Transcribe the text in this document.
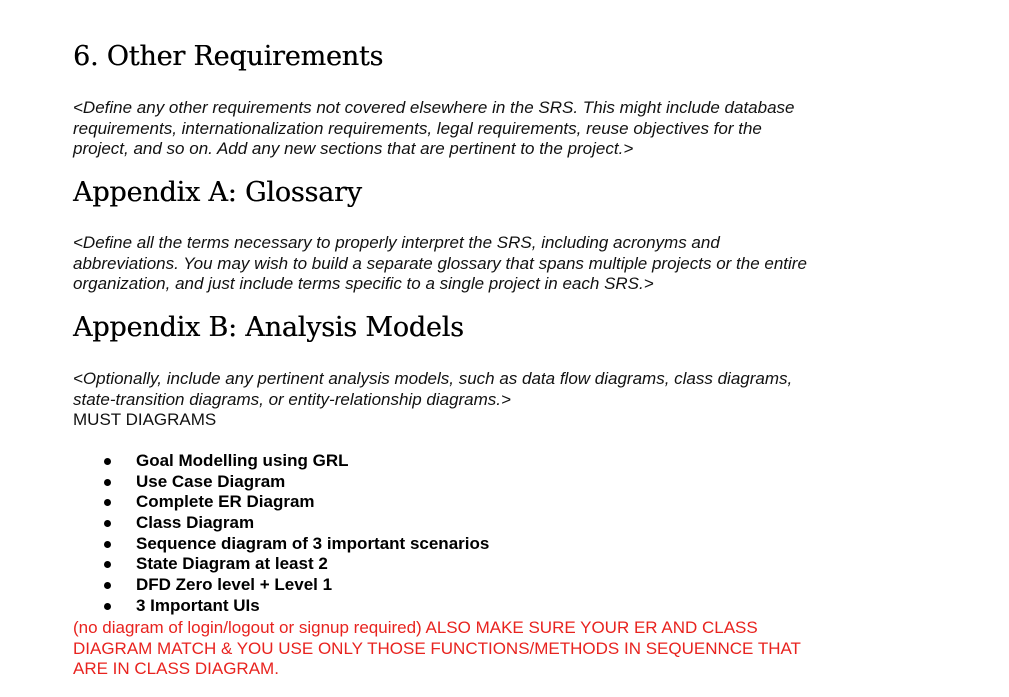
6. Other Requirements

<Define any other requirements not covered elsewhere in the SRS. This might include database
requirements, internationalization requirements, legal requirements, reuse objectives for the
project, and so on. Add any new sections that are pertinent to the project.>

Appendix A: Glossary

<Define all the terms necessary to properly interpret the SRS, including acronyms and
abbreviations. You may wish to build a separate glossary that spans multiple projects or the entire
organization, and just include terms specific to a single project in each SRS.>

Appendix B: Analysis Models

<Optionally, include any pertinent analysis models, such as data flow diagrams, class diagrams,
state-transition diagrams, or entity-relationship diagrams.>

MUST DIAGRAMS
Goal Modelling using GRL
Use Case Diagram
Complete ER Diagram
Class Diagram
Sequence diagram of 3 important scenarios
State Diagram at least 2
DFD Zero level + Level 1
3 Important UIs

(no diagram of login/logout or signup required) ALSO MAKE SURE YOUR ER AND CLASS
DIAGRAM MATCH & YOU USE ONLY THOSE FUNCTIONS/METHODS IN SEQUENNCE THAT
ARE IN CLASS DIAGRAM.
